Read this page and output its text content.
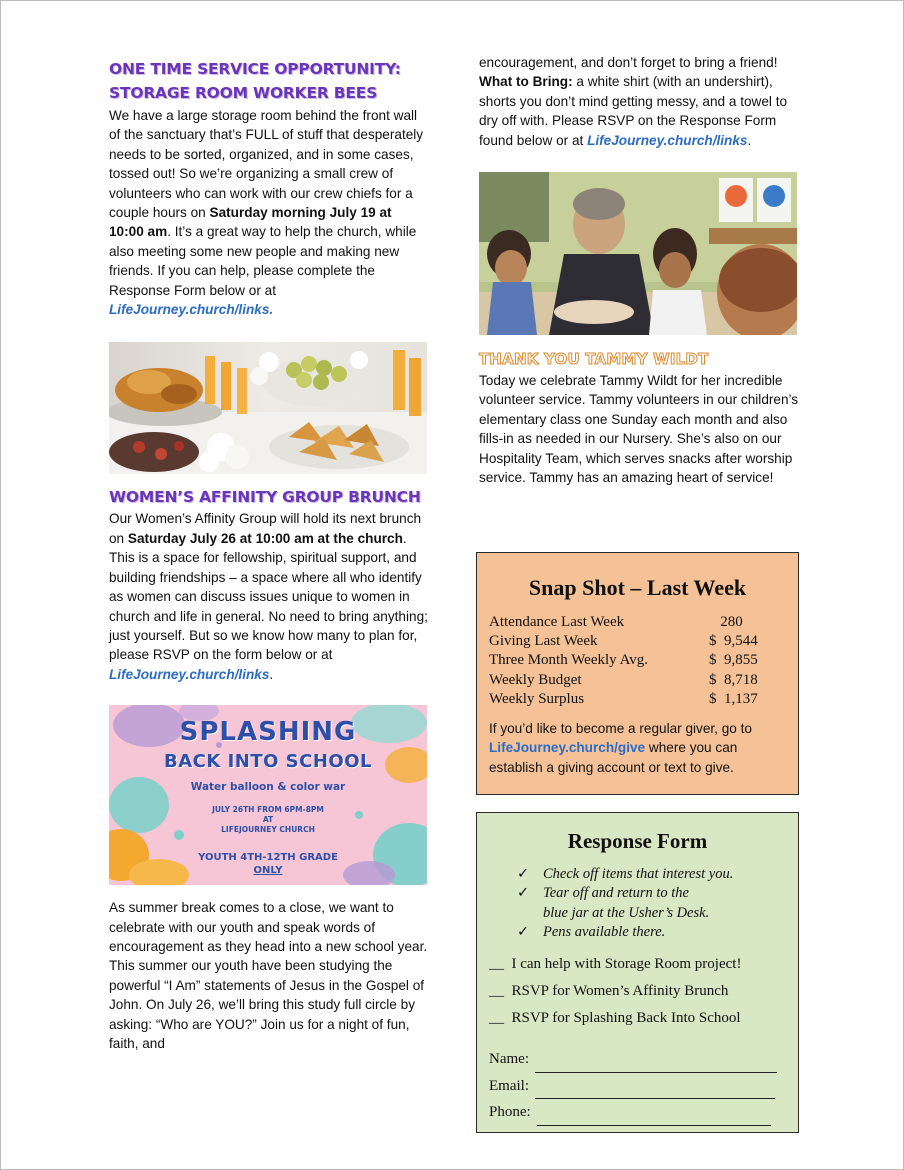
ONE TIME SERVICE OPPORTUNITY:
STORAGE ROOM WORKER BEES

We have a large storage room behind the front wall of the sanctuary that’s FULL of stuff that desperately needs to be sorted, organized, and in some cases, tossed out! So we’re organizing a small crew of volunteers who can work with our crew chiefs for a couple hours on Saturday morning July 19 at 10:00 am. It’s a great way to help the church, while also meeting some new people and making new friends. If you can help, please complete the Response Form below or at LifeJourney.church/links.

WOMEN’S AFFINITY GROUP BRUNCH

Our Women’s Affinity Group will hold its next brunch on Saturday July 26 at 10:00 am at the church. This is a space for fellowship, spiritual support, and building friendships – a space where all who identify as women can discuss issues unique to women in church and life in general. No need to bring anything; just yourself. But so we know how many to plan for, please RSVP on the form below or at LifeJourney.church/links.

SPLASHING
BACK INTO SCHOOL
Water balloon & color war
JULY 26TH FROM 6PM-8PM
AT
LIFEJOURNEY CHURCH
YOUTH 4TH-12TH GRADE
ONLY

As summer break comes to a close, we want to celebrate with our youth and speak words of encouragement as they head into a new school year. This summer our youth have been studying the powerful “I Am” statements of Jesus in the Gospel of John. On July 26, we’ll bring this study full circle by asking: “Who are YOU?” Join us for a night of fun, faith, and

encouragement, and don’t forget to bring a friend! What to Bring: a white shirt (with an undershirt), shorts you don’t mind getting messy, and a towel to dry off with. Please RSVP on the Response Form found below or at LifeJourney.church/links.

THANK YOU TAMMY WILDT

Today we celebrate Tammy Wildt for her incredible volunteer service. Tammy volunteers in our children’s elementary class one Sunday each month and also fills-in as needed in our Nursery. She’s also on our Hospitality Team, which serves snacks after worship service. Tammy has an amazing heart of service!

Snap Shot – Last Week
Attendance Last Week	280
Giving Last Week	$  9,544
Three Month Weekly Avg.	$  9,855
Weekly Budget	$  8,718
Weekly Surplus	$  1,137

If you’d like to become a regular giver, go to LifeJourney.church/give where you can establish a giving account or text to give.

Response Form
✓ Check off items that interest you.
✓ Tear off and return to the
blue jar at the Usher’s Desk.
✓ Pens available there.
__ I can help with Storage Room project!
__ RSVP for Women’s Affinity Brunch
__ RSVP for Splashing Back Into School
Name:
Email:
Phone:
